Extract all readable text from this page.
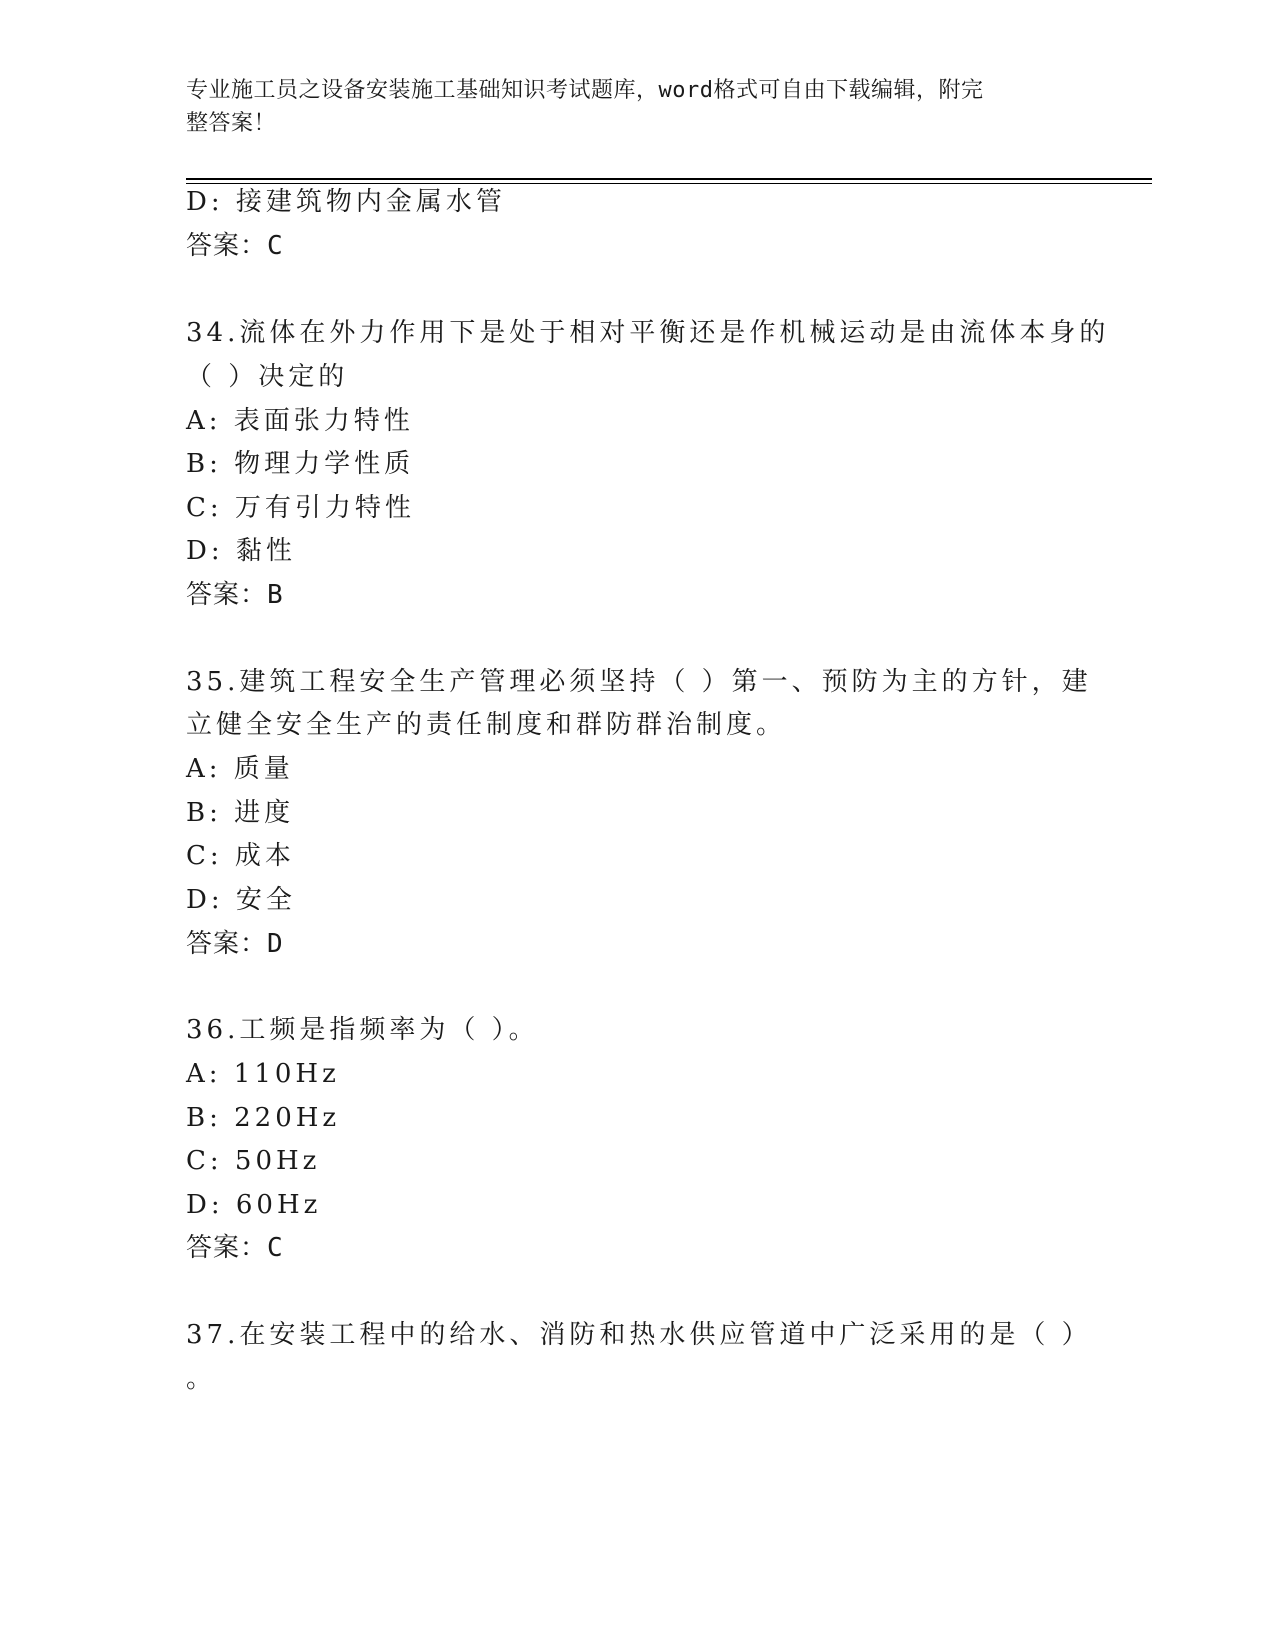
专业施工员之设备安装施工基础知识考试题库，word格式可自由下载编辑，附完
整答案！
D: 接建筑物内金属水管
答案：C
34.流体在外力作用下是处于相对平衡还是作机械运动是由流体本身的
（ ）决定的
A: 表面张力特性
B: 物理力学性质
C: 万有引力特性
D: 黏性
答案：B
35.建筑工程安全生产管理必须坚持（ ）第一、预防为主的方针，建
立健全安全生产的责任制度和群防群治制度。
A: 质量
B: 进度
C: 成本
D: 安全
答案：D
36.工频是指频率为（ ）。
A: 110Hz
B: 220Hz
C: 50Hz
D: 60Hz
答案：C
37.在安装工程中的给水、消防和热水供应管道中广泛采用的是（ ）
。
